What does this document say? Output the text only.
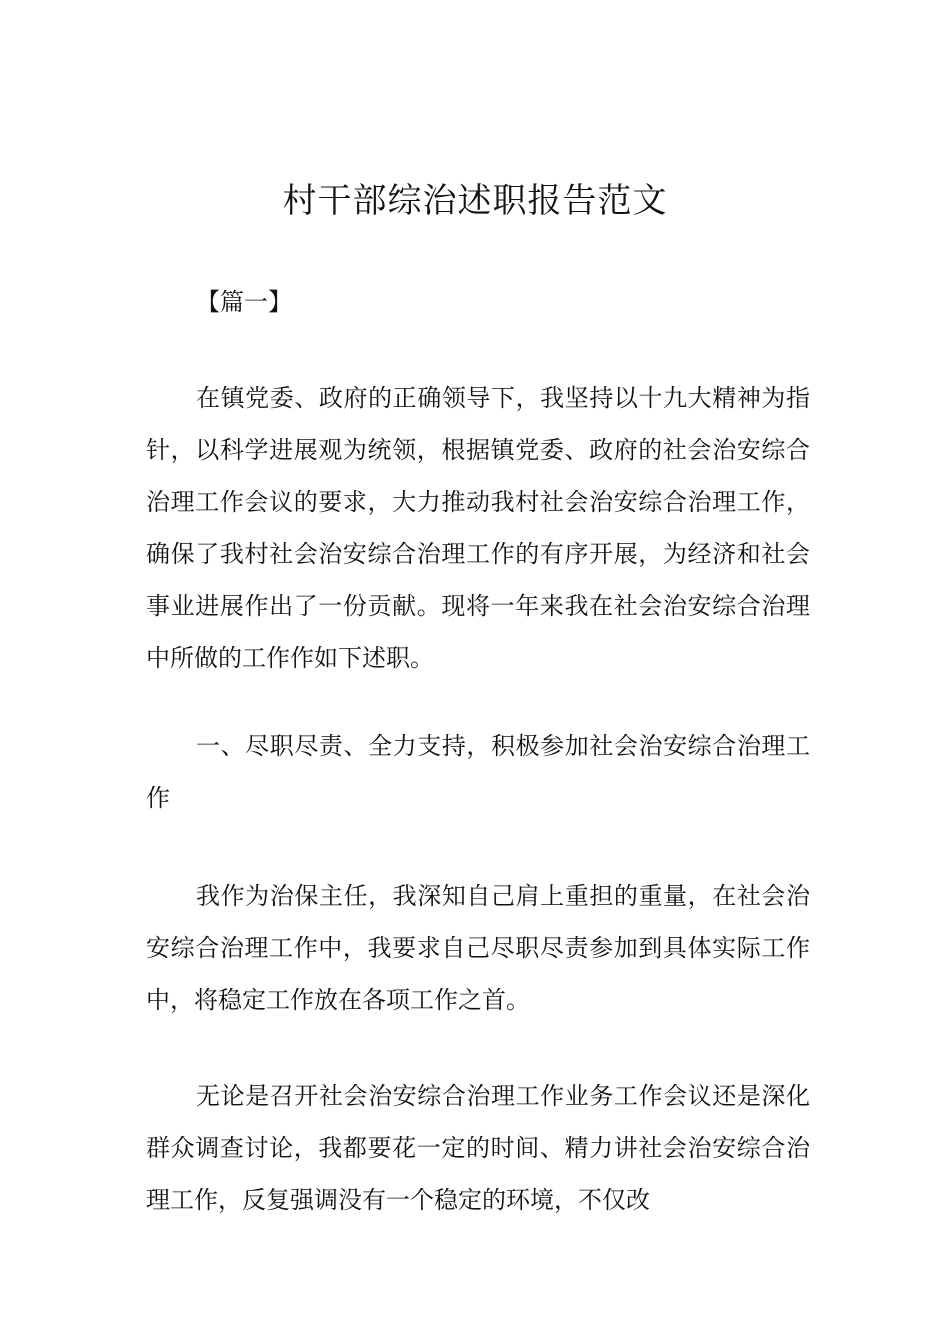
村干部综治述职报告范文

【篇一】

在镇党委、政府的正确领导下，我坚持以十九大精神为指针，以科学进展观为统领，根据镇党委、政府的社会治安综合治理工作会议的要求，大力推动我村社会治安综合治理工作，确保了我村社会治安综合治理工作的有序开展，为经济和社会事业进展作出了一份贡献。现将一年来我在社会治安综合治理中所做的工作作如下述职。

一、尽职尽责、全力支持，积极参加社会治安综合治理工作

我作为治保主任，我深知自己肩上重担的重量，在社会治安综合治理工作中，我要求自己尽职尽责参加到具体实际工作中，将稳定工作放在各项工作之首。

无论是召开社会治安综合治理工作业务工作会议还是深化群众调查讨论，我都要花一定的时间、精力讲社会治安综合治理工作，反复强调没有一个稳定的环境，不仅改
